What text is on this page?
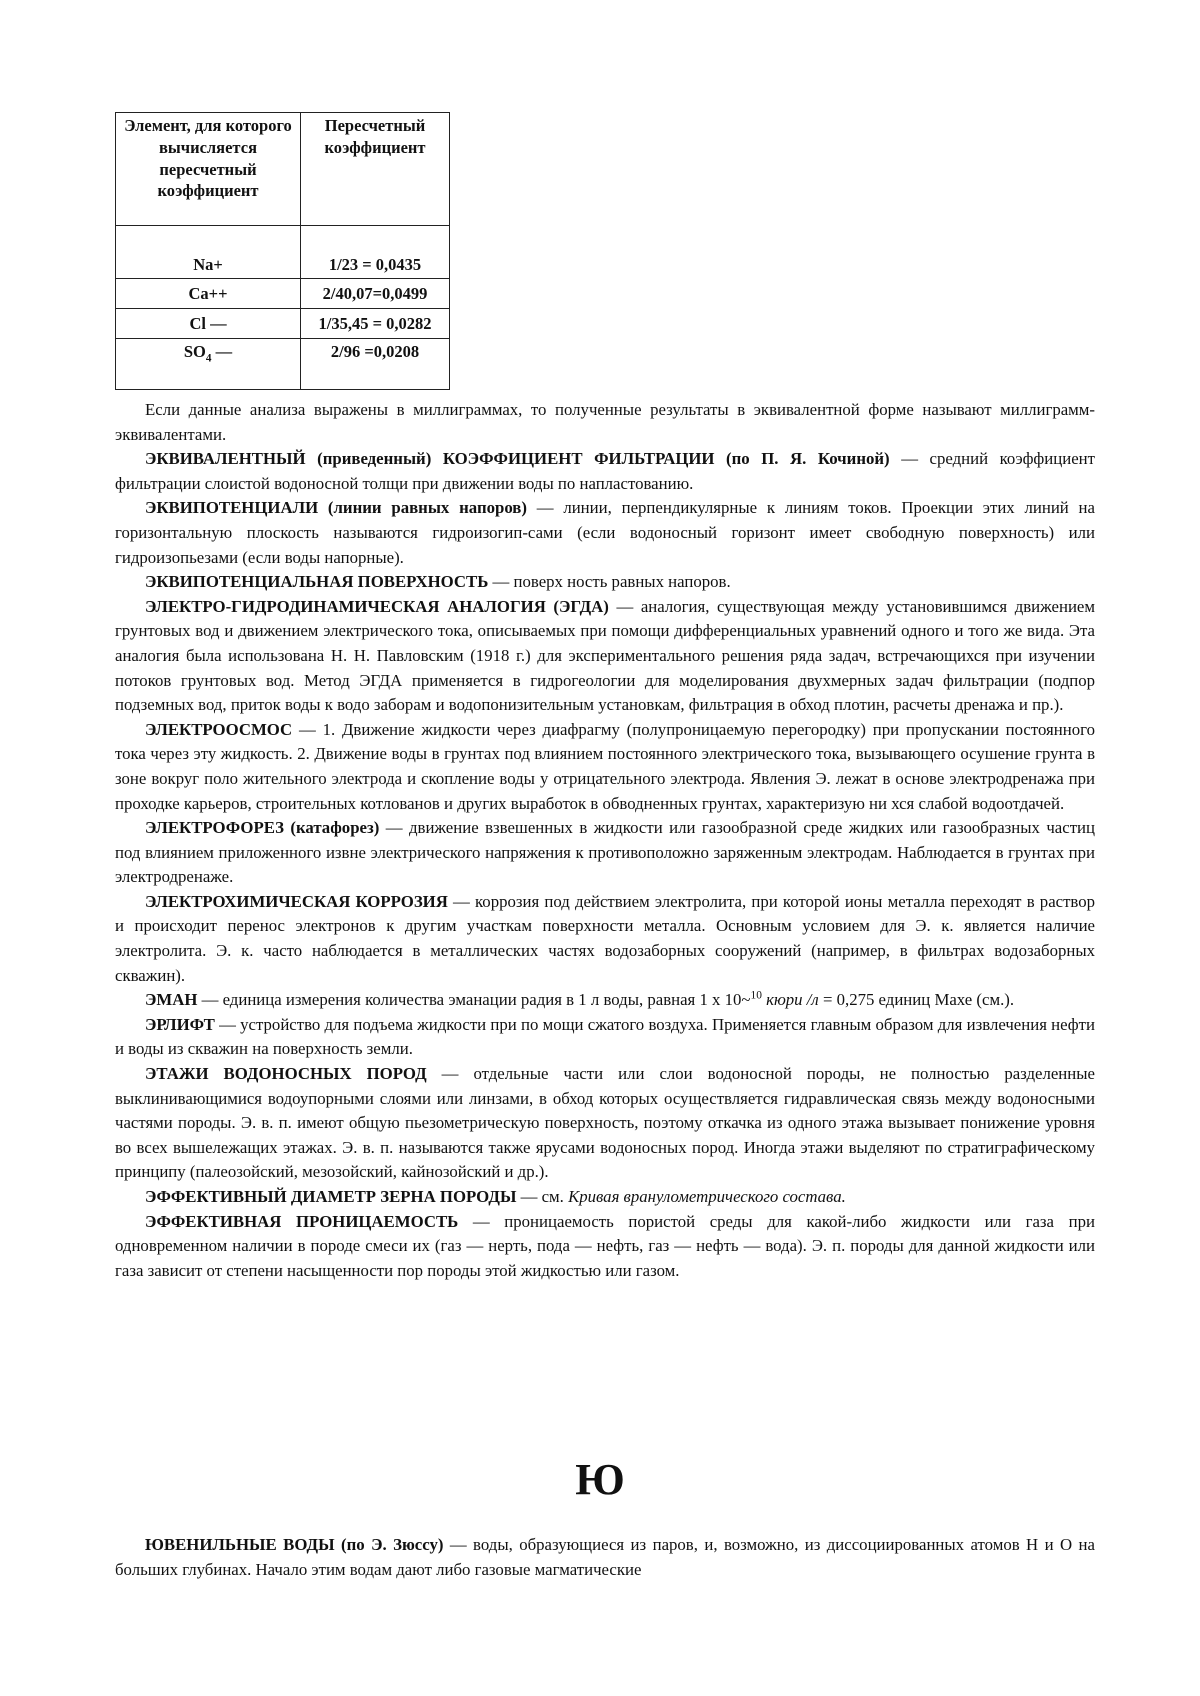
Элемент, для которого вычисляется пересчетный коэффициент	Пересчетный коэффициент
Na+	1/23 = 0,0435
Ca++	2/40,07=0,0499
Cl —	1/35,45 = 0,0282
$SO_4$ —	2/96 =0,0208

Если данные анализа выражены в миллиграммах, то полученные результаты в эквивалентной форме называют миллиграмм-эквивалентами.

ЭКВИВАЛЕНТНЫЙ (приведенный) КОЭФФИЦИЕНТ ФИЛЬТРАЦИИ (по П. Я. Кочиной) — средний коэффициент фильтрации слоистой водоносной толщи при движении воды по напластованию.

ЭКВИПОТЕНЦИАЛИ (линии равных напоров) — линии, перпендикулярные к линиям токов. Проекции этих линий на горизонтальную плоскость называются гидроизогип-сами (если водоносный горизонт имеет свободную поверхность) или гидроизопьезами (если воды напорные).

ЭКВИПОТЕНЦИАЛЬНАЯ ПОВЕРХНОСТЬ — поверх ность равных напоров.

ЭЛЕКТРО-ГИДРОДИНАМИЧЕСКАЯ АНАЛОГИЯ (ЭГДА) — аналогия, существующая между установившимся движением грунтовых вод и движением электрического тока, описываемых при помощи дифференциальных уравнений одного и того же вида. Эта аналогия была использована Н. Н. Павловским (1918 г.) для экспериментального решения ряда задач, встречающихся при изучении потоков грунтовых вод. Метод ЭГДА применяется в гидрогеологии для моделирования двухмерных задач фильтрации (подпор подземных вод, приток воды к водо заборам и водопонизительным установкам, фильтрация в обход плотин, расчеты дренажа и пр.).

ЭЛЕКТРООСМОС — 1. Движение жидкости через диафрагму (полупроницаемую перегородку) при пропускании постоянного тока через эту жидкость. 2. Движение воды в грунтах под влиянием постоянного электрического тока, вызывающего осушение грунта в зоне вокруг поло жительного электрода и скопление воды у отрицательного электрода. Явления Э. лежат в основе электродренажа при проходке карьеров, строительных котлованов и других выработок в обводненных грунтах, характеризую ни хся слабой водоотдачей.

ЭЛЕКТРОФОРЕЗ (катафорез) — движение взвешенных в жидкости или газообразной среде жидких или газообразных частиц под влиянием приложенного извне электрического напряжения к противоположно заряженным электродам. Наблюдается в грунтах при электродренаже.

ЭЛЕКТРОХИМИЧЕСКАЯ КОРРОЗИЯ — коррозия под действием электролита, при которой ионы металла переходят в раствор и происходит перенос электронов к другим участкам поверхности металла. Основным условием для Э. к. является наличие электролита. Э. к. часто наблюдается в металлических частях водозаборных сооружений (например, в фильтрах водозаборных скважин).

ЭМАН — единица измерения количества эманации радия в 1 л воды, равная 1 х 10~$^{10}$ кюри /л = 0,275 единиц Махе (см.).

ЭРЛИФТ — устройство для подъема жидкости при по мощи сжатого воздуха. Применяется главным образом для извлечения нефти и воды из скважин на поверхность земли.

ЭТАЖИ ВОДОНОСНЫХ ПОРОД — отдельные части или слои водоносной породы, не полностью разделенные выклинивающимися водоупорными слоями или линзами, в обход которых осуществляется гидравлическая связь между водоносными частями породы. Э. в. п. имеют общую пьезометрическую поверхность, поэтому откачка из одного этажа вызывает понижение уровня во всех вышележащих этажах. Э. в. п. называются также ярусами водоносных пород. Иногда этажи выделяют по стратиграфическому принципу (палеозойский, мезозойский, кайнозойский и др.).

ЭФФЕКТИВНЫЙ ДИАМЕТР ЗЕРНА ПОРОДЫ — см. Кривая вранулометрического состава.

ЭФФЕКТИВНАЯ ПРОНИЦАЕМОСТЬ — проницаемость пористой среды для какой-либо жидкости или газа при одновременном наличии в породе смеси их (газ — нерть, пода — нефть, газ — нефть — вода). Э. п. породы для данной жидкости или газа зависит от степени насыщенности пор породы этой жидкостью или газом.

Ю

ЮВЕНИЛЬНЫЕ ВОДЫ (по Э. Зюссу) — воды, образующиеся из паров, и, возможно, из диссоциированных атомов Н и О на больших глубинах. Начало этим водам дают либо газовые магматические
